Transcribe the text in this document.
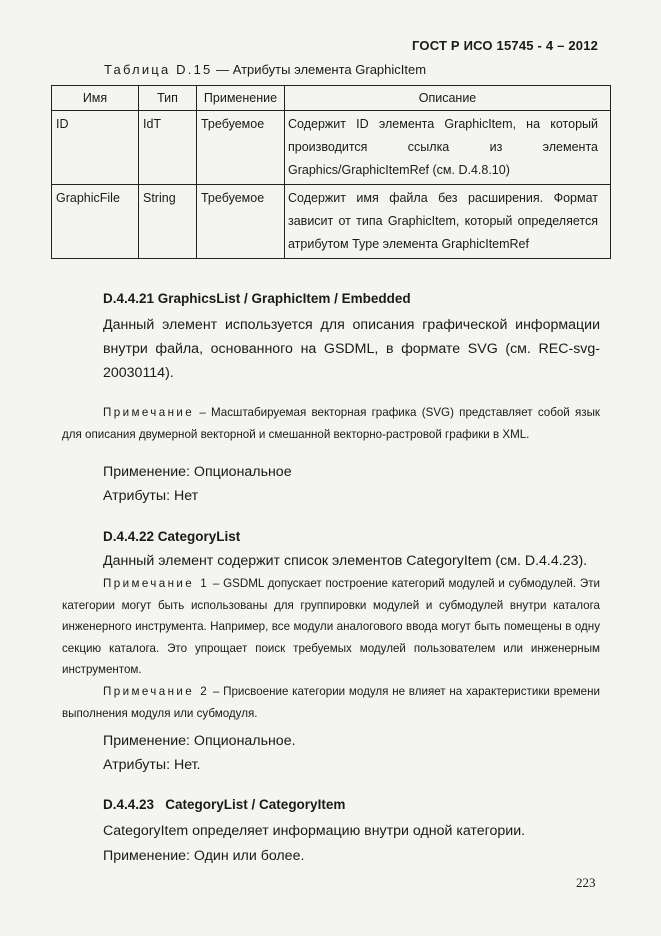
ГОСТ Р ИСО 15745 - 4 – 2012
Таблица D.15 — Атрибуты элемента GraphicItem
Имя	Тип	Применение	Описание
ID	IdT	Требуемое	Содержит ID элемента GraphicItem, на который производится ссылка из элемента Graphics/GraphicItemRef (см. D.4.8.10)
GraphicFile	String	Требуемое	Содержит имя файла без расширения. Формат зависит от типа GraphicItem, который определяется атрибутом Type элемента GraphicItemRef
D.4.4.21 GraphicsList / GraphicItem / Embedded
Данный элемент используется для описания графической информации внутри файла, основанного на GSDML, в формате SVG (см. REC-svg-20030114).
Примечание – Масштабируемая векторная графика (SVG) представляет собой язык для описания двумерной векторной и смешанной векторно-растровой графики в XML.
Применение: Опциональное
Атрибуты: Нет
D.4.4.22 CategoryList
Данный элемент содержит список элементов CategoryItem (см. D.4.4.23).
Примечание 1 – GSDML допускает построение категорий модулей и субмодулей. Эти категории могут быть использованы для группировки модулей и субмодулей внутри каталога инженерного инструмента. Например, все модули аналогового ввода могут быть помещены в одну секцию каталога. Это упрощает поиск требуемых модулей пользователем или инженерным инструментом.
Примечание 2 – Присвоение категории модуля не влияет на характеристики времени выполнения модуля или субмодуля.
Применение: Опциональное.
Атрибуты: Нет.
D.4.4.23   CategoryList / CategoryItem
CategoryItem определяет информацию внутри одной категории.
Применение: Один или более.
223
